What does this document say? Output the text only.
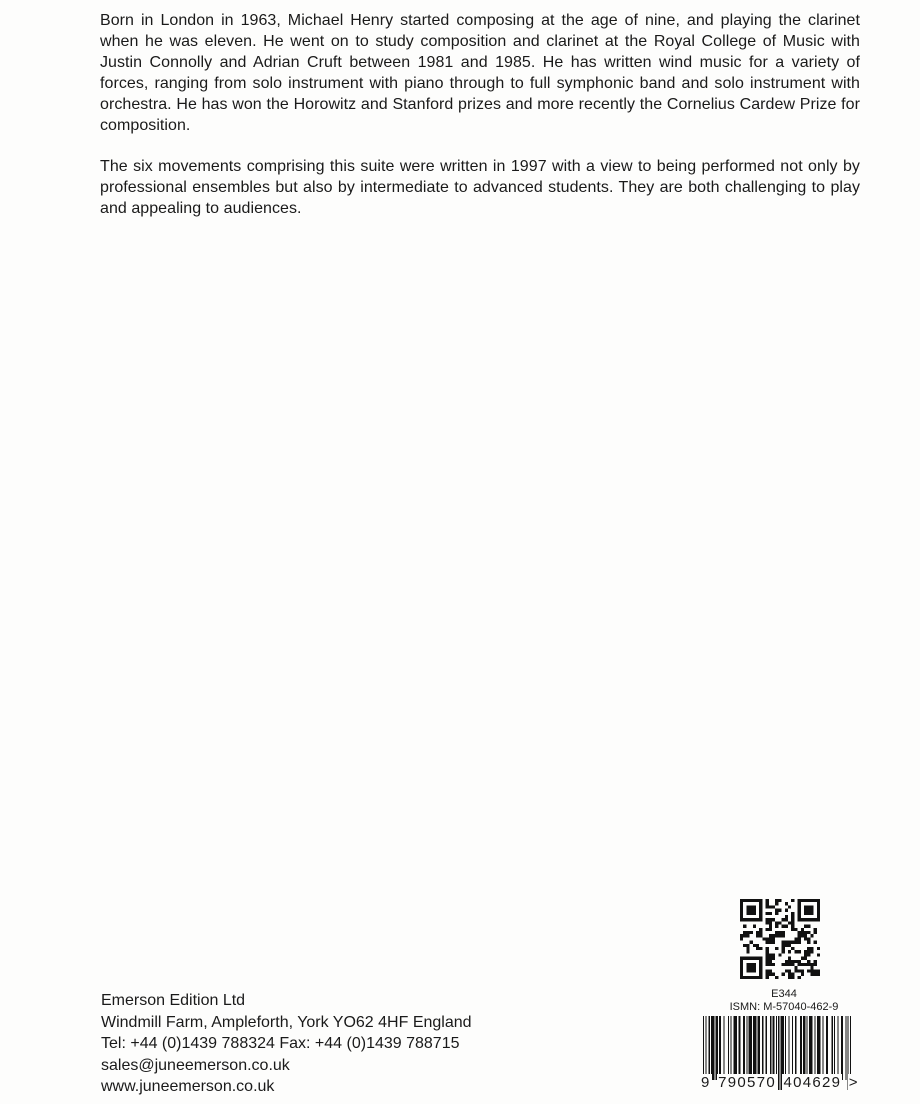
Born in London in 1963, Michael Henry started composing at the age of nine, and playing the clarinet when he was eleven. He went on to study composition and clarinet at the Royal College of Music with Justin Connolly and Adrian Cruft between 1981 and 1985. He has written wind music for a variety of forces, ranging from solo instrument with piano through to full symphonic band and solo instrument with orchestra. He has won the Horowitz and Stanford prizes and more recently the Cornelius Cardew Prize for composition.

The six movements comprising this suite were written in 1997 with a view to being performed not only by professional ensembles but also by intermediate to advanced students. They are both challenging to play and appealing to audiences.

Emerson Edition Ltd
Windmill Farm, Ampleforth, York YO62 4HF England
Tel: +44 (0)1439 788324 Fax: +44 (0)1439 788715
sales@juneemerson.co.uk
www.juneemerson.co.uk
E344
ISMN: M-57040-462-9
9 790570 404629 >
